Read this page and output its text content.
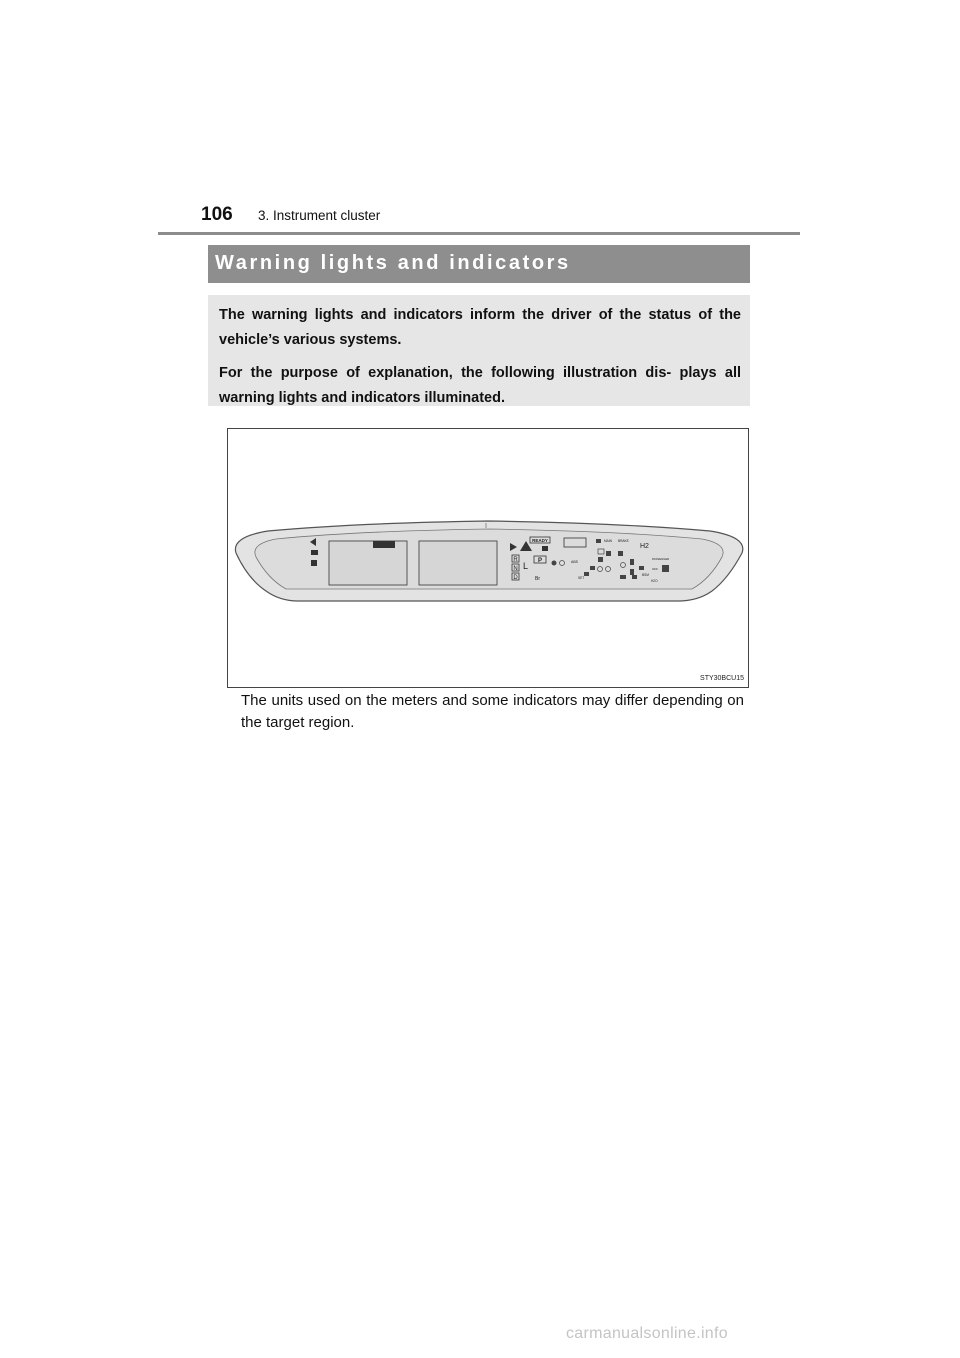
106 3. Instrument cluster
Warning lights and indicators

The warning lights and indicators inform the driver of the status of the vehicle’s various systems.

For the purpose of explanation, the following illustration dis- plays all warning lights and indicators illuminated.

READY
P
R
N
D
L
Br
ABS
MAIN BRAKE
H2
SET
PASSENGER
OFF
BSM
H2O
STY30BCU15

The units used on the meters and some indicators may differ depending on the target region.

carmanualsonline.info
